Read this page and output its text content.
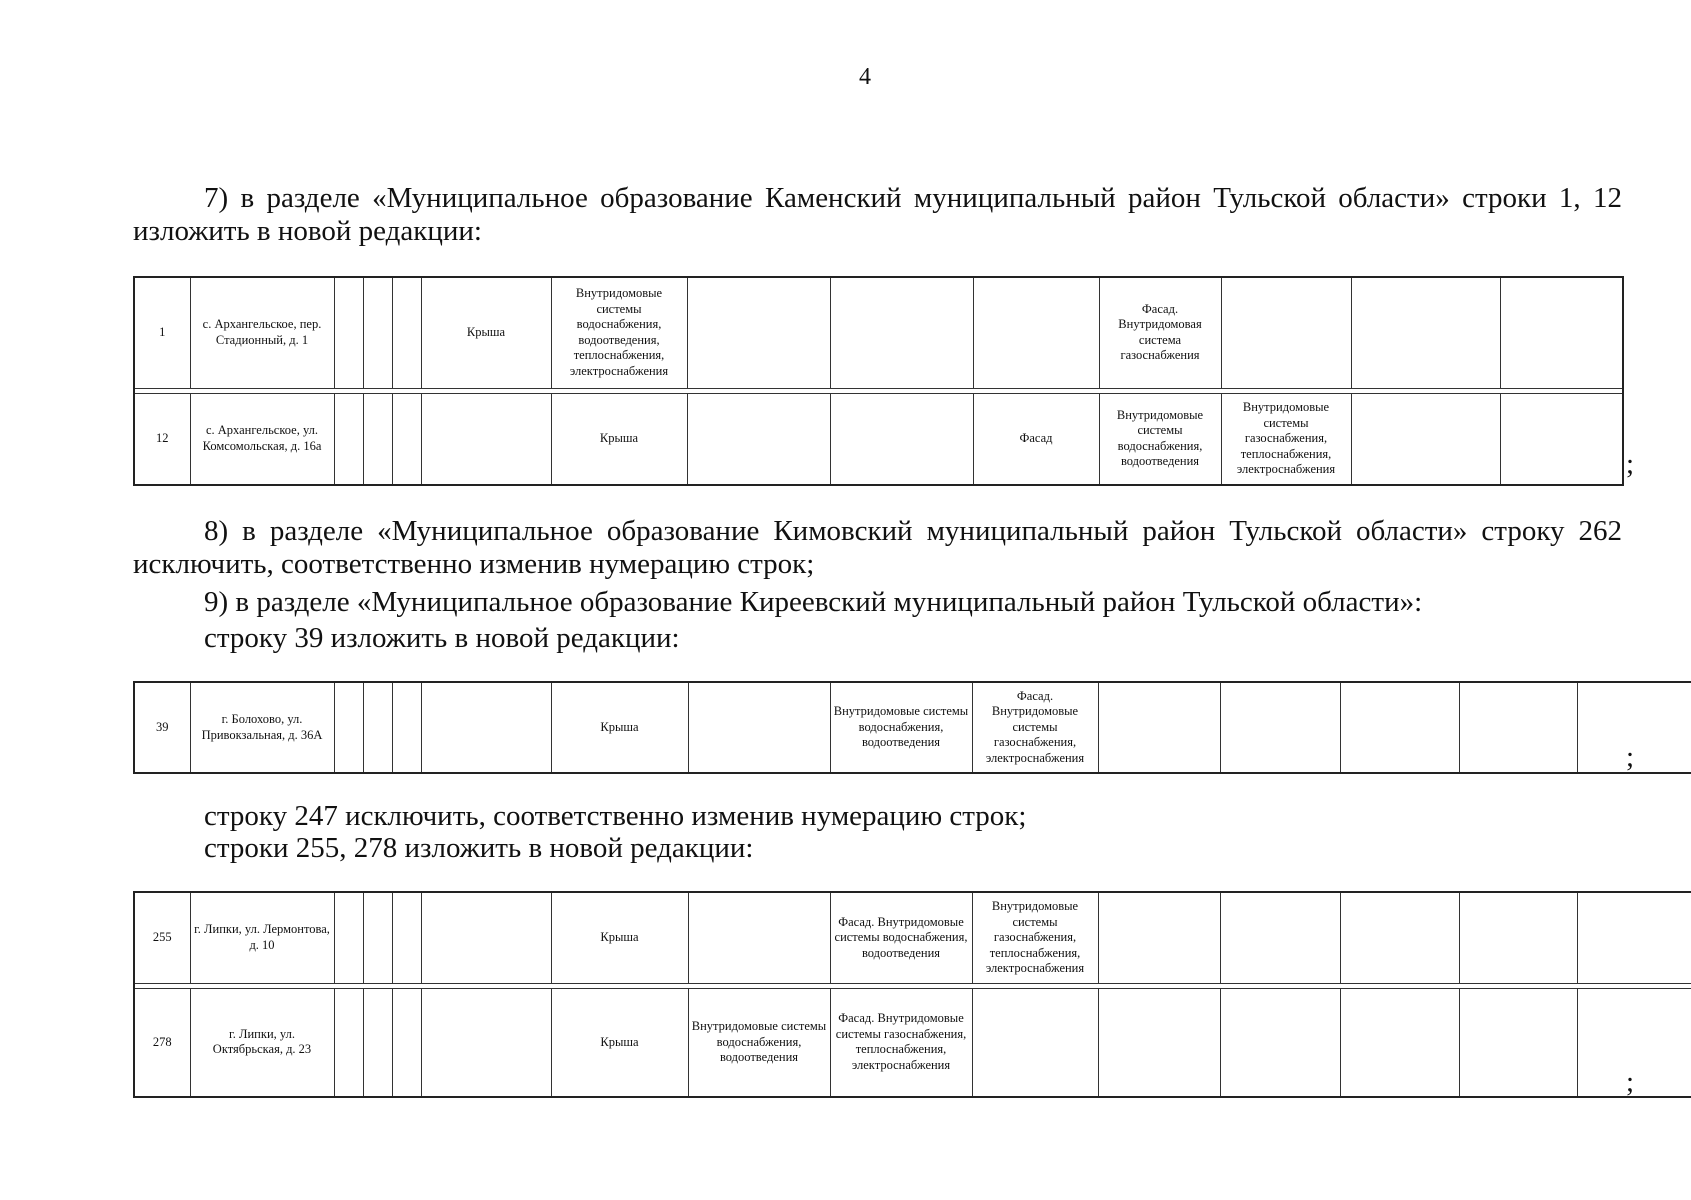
4

7) в разделе «Муниципальное образование Каменский муниципальный район Тульской области» строки 1, 12 изложить в новой редакции:

1	с. Архангельское, пер. Стадионный, д. 1				Крыша	Внутридомовые системы водоснабжения, водоотведения, теплоснабжения, электроснабжения				Фасад. Внутридомовая система газоснабжения			

12	с. Архангельское, ул. Комсомольская, д. 16а					Крыша			Фасад	Внутридомовые системы водоснабжения, водоотведения	Внутридомовые системы газоснабжения, теплоснабжения, электроснабжения			;

8) в разделе «Муниципальное образование Кимовский муниципальный район Тульской области» строку 262 исключить, соответственно изменив нумерацию строк;

9) в разделе «Муниципальное образование Киреевский муниципальный район Тульской области»:

строку 39 изложить в новой редакции:

39	г. Болохово, ул. Привокзальная, д. 36А					Крыша		Внутридомовые системы водоснабжения, водоотведения	Фасад. Внутридомовые системы газоснабжения, электроснабжения						;

строку 247 исключить, соответственно изменив нумерацию строк;

строки 255, 278 изложить в новой редакции:

255	г. Липки, ул. Лермонтова, д. 10					Крыша		Фасад. Внутридомовые системы водоснабжения, водоотведения	Внутридомовые системы газоснабжения, теплоснабжения, электроснабжения					

278	г. Липки, ул. Октябрьская, д. 23					Крыша	Внутридомовые системы водоснабжения, водоотведения	Фасад. Внутридомовые системы газоснабжения, теплоснабжения, электроснабжения						
;
